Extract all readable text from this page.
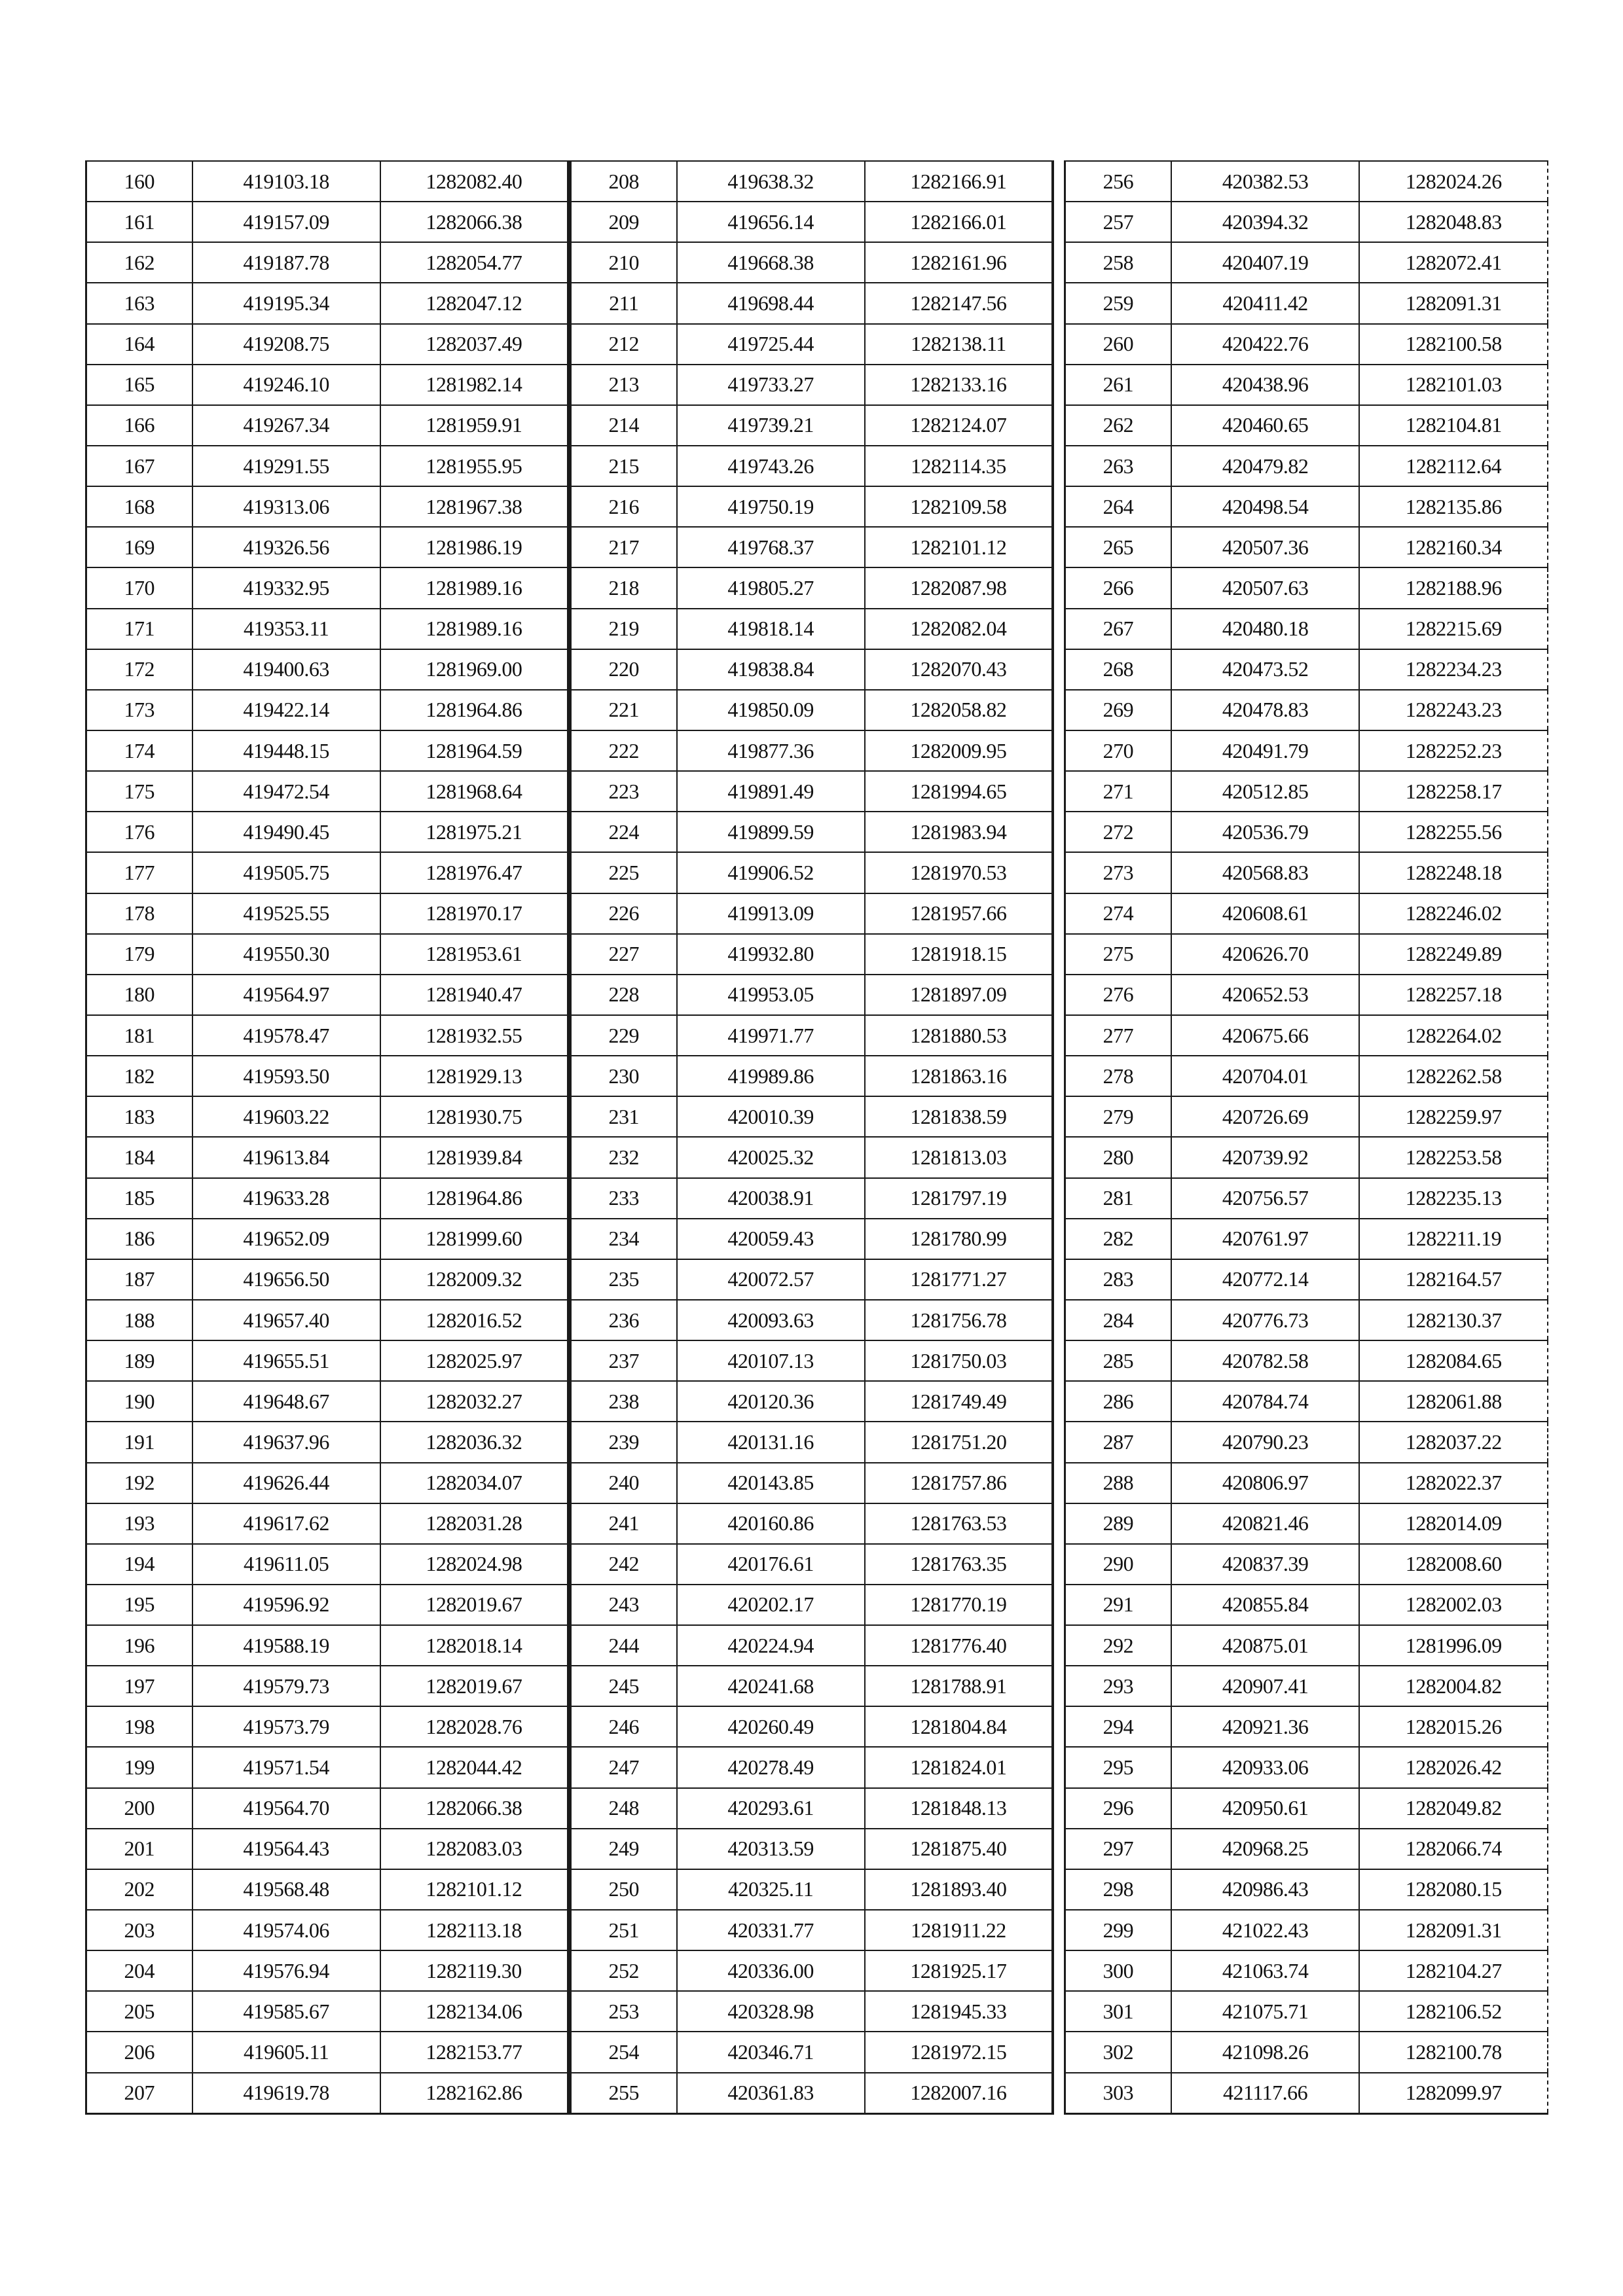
160	419103.18	1282082.40
161	419157.09	1282066.38
162	419187.78	1282054.77
163	419195.34	1282047.12
164	419208.75	1282037.49
165	419246.10	1281982.14
166	419267.34	1281959.91
167	419291.55	1281955.95
168	419313.06	1281967.38
169	419326.56	1281986.19
170	419332.95	1281989.16
171	419353.11	1281989.16
172	419400.63	1281969.00
173	419422.14	1281964.86
174	419448.15	1281964.59
175	419472.54	1281968.64
176	419490.45	1281975.21
177	419505.75	1281976.47
178	419525.55	1281970.17
179	419550.30	1281953.61
180	419564.97	1281940.47
181	419578.47	1281932.55
182	419593.50	1281929.13
183	419603.22	1281930.75
184	419613.84	1281939.84
185	419633.28	1281964.86
186	419652.09	1281999.60
187	419656.50	1282009.32
188	419657.40	1282016.52
189	419655.51	1282025.97
190	419648.67	1282032.27
191	419637.96	1282036.32
192	419626.44	1282034.07
193	419617.62	1282031.28
194	419611.05	1282024.98
195	419596.92	1282019.67
196	419588.19	1282018.14
197	419579.73	1282019.67
198	419573.79	1282028.76
199	419571.54	1282044.42
200	419564.70	1282066.38
201	419564.43	1282083.03
202	419568.48	1282101.12
203	419574.06	1282113.18
204	419576.94	1282119.30
205	419585.67	1282134.06
206	419605.11	1282153.77
207	419619.78	1282162.86
208	419638.32	1282166.91
209	419656.14	1282166.01
210	419668.38	1282161.96
211	419698.44	1282147.56
212	419725.44	1282138.11
213	419733.27	1282133.16
214	419739.21	1282124.07
215	419743.26	1282114.35
216	419750.19	1282109.58
217	419768.37	1282101.12
218	419805.27	1282087.98
219	419818.14	1282082.04
220	419838.84	1282070.43
221	419850.09	1282058.82
222	419877.36	1282009.95
223	419891.49	1281994.65
224	419899.59	1281983.94
225	419906.52	1281970.53
226	419913.09	1281957.66
227	419932.80	1281918.15
228	419953.05	1281897.09
229	419971.77	1281880.53
230	419989.86	1281863.16
231	420010.39	1281838.59
232	420025.32	1281813.03
233	420038.91	1281797.19
234	420059.43	1281780.99
235	420072.57	1281771.27
236	420093.63	1281756.78
237	420107.13	1281750.03
238	420120.36	1281749.49
239	420131.16	1281751.20
240	420143.85	1281757.86
241	420160.86	1281763.53
242	420176.61	1281763.35
243	420202.17	1281770.19
244	420224.94	1281776.40
245	420241.68	1281788.91
246	420260.49	1281804.84
247	420278.49	1281824.01
248	420293.61	1281848.13
249	420313.59	1281875.40
250	420325.11	1281893.40
251	420331.77	1281911.22
252	420336.00	1281925.17
253	420328.98	1281945.33
254	420346.71	1281972.15
255	420361.83	1282007.16
256	420382.53	1282024.26
257	420394.32	1282048.83
258	420407.19	1282072.41
259	420411.42	1282091.31
260	420422.76	1282100.58
261	420438.96	1282101.03
262	420460.65	1282104.81
263	420479.82	1282112.64
264	420498.54	1282135.86
265	420507.36	1282160.34
266	420507.63	1282188.96
267	420480.18	1282215.69
268	420473.52	1282234.23
269	420478.83	1282243.23
270	420491.79	1282252.23
271	420512.85	1282258.17
272	420536.79	1282255.56
273	420568.83	1282248.18
274	420608.61	1282246.02
275	420626.70	1282249.89
276	420652.53	1282257.18
277	420675.66	1282264.02
278	420704.01	1282262.58
279	420726.69	1282259.97
280	420739.92	1282253.58
281	420756.57	1282235.13
282	420761.97	1282211.19
283	420772.14	1282164.57
284	420776.73	1282130.37
285	420782.58	1282084.65
286	420784.74	1282061.88
287	420790.23	1282037.22
288	420806.97	1282022.37
289	420821.46	1282014.09
290	420837.39	1282008.60
291	420855.84	1282002.03
292	420875.01	1281996.09
293	420907.41	1282004.82
294	420921.36	1282015.26
295	420933.06	1282026.42
296	420950.61	1282049.82
297	420968.25	1282066.74
298	420986.43	1282080.15
299	421022.43	1282091.31
300	421063.74	1282104.27
301	421075.71	1282106.52
302	421098.26	1282100.78
303	421117.66	1282099.97
